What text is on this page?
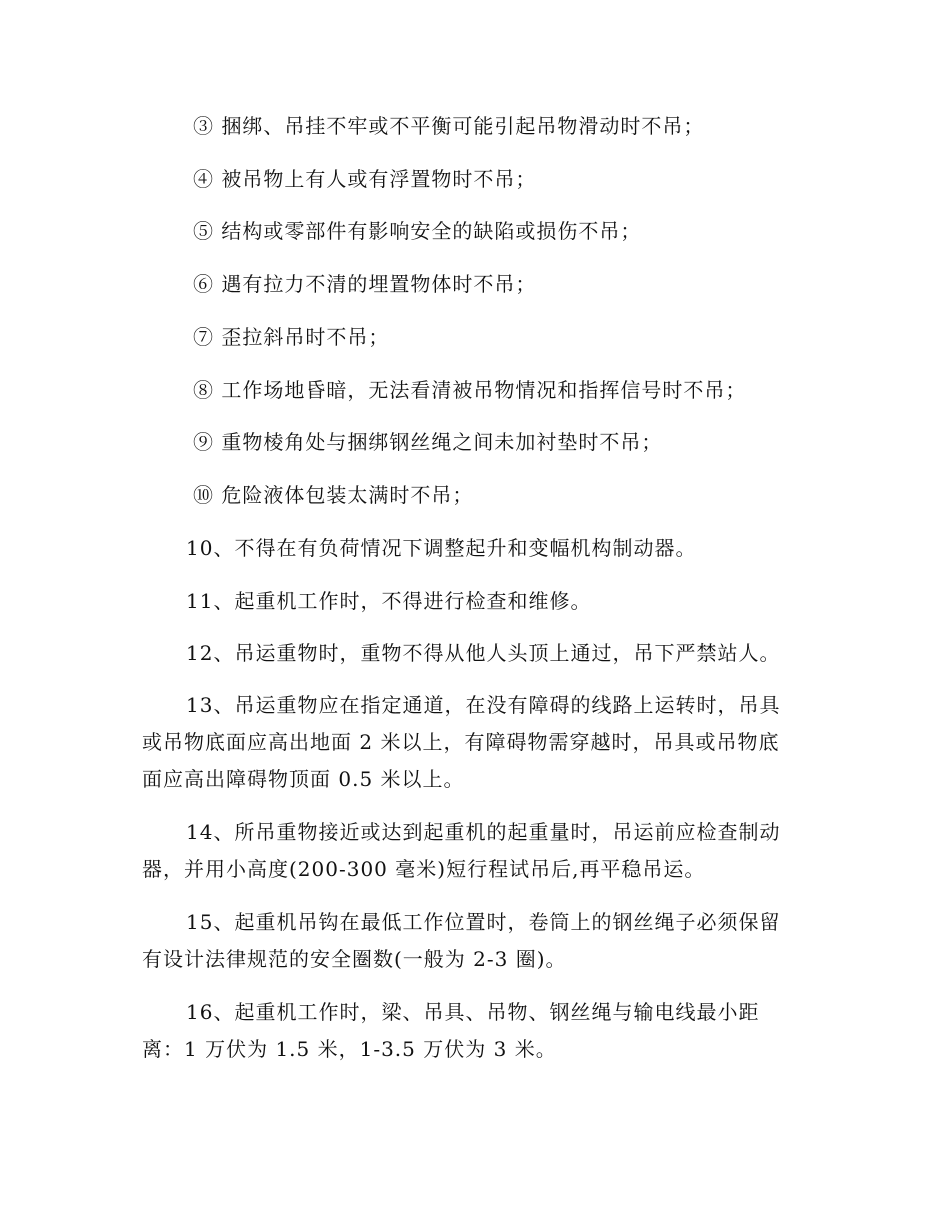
③ 捆绑、吊挂不牢或不平衡可能引起吊物滑动时不吊；
④ 被吊物上有人或有浮置物时不吊；
⑤ 结构或零部件有影响安全的缺陷或损伤不吊；
⑥ 遇有拉力不清的埋置物体时不吊；
⑦ 歪拉斜吊时不吊；
⑧ 工作场地昏暗，无法看清被吊物情况和指挥信号时不吊；
⑨ 重物棱角处与捆绑钢丝绳之间未加衬垫时不吊；
⑩ 危险液体包装太满时不吊；
10、不得在有负荷情况下调整起升和变幅机构制动器。
11、起重机工作时，不得进行检查和维修。
12、吊运重物时，重物不得从他人头顶上通过，吊下严禁站人。
13、吊运重物应在指定通道，在没有障碍的线路上运转时，吊具
或吊物底面应高出地面 2 米以上，有障碍物需穿越时，吊具或吊物底
面应高出障碍物顶面 0.5 米以上。
14、所吊重物接近或达到起重机的起重量时，吊运前应检查制动
器，并用小高度(200-300 毫米)短行程试吊后,再平稳吊运。
15、起重机吊钩在最低工作位置时，卷筒上的钢丝绳子必须保留
有设计法律规范的安全圈数(一般为 2-3 圈)。
16、起重机工作时，梁、吊具、吊物、钢丝绳与输电线最小距
离：1 万伏为 1.5 米，1-3.5 万伏为 3 米。
